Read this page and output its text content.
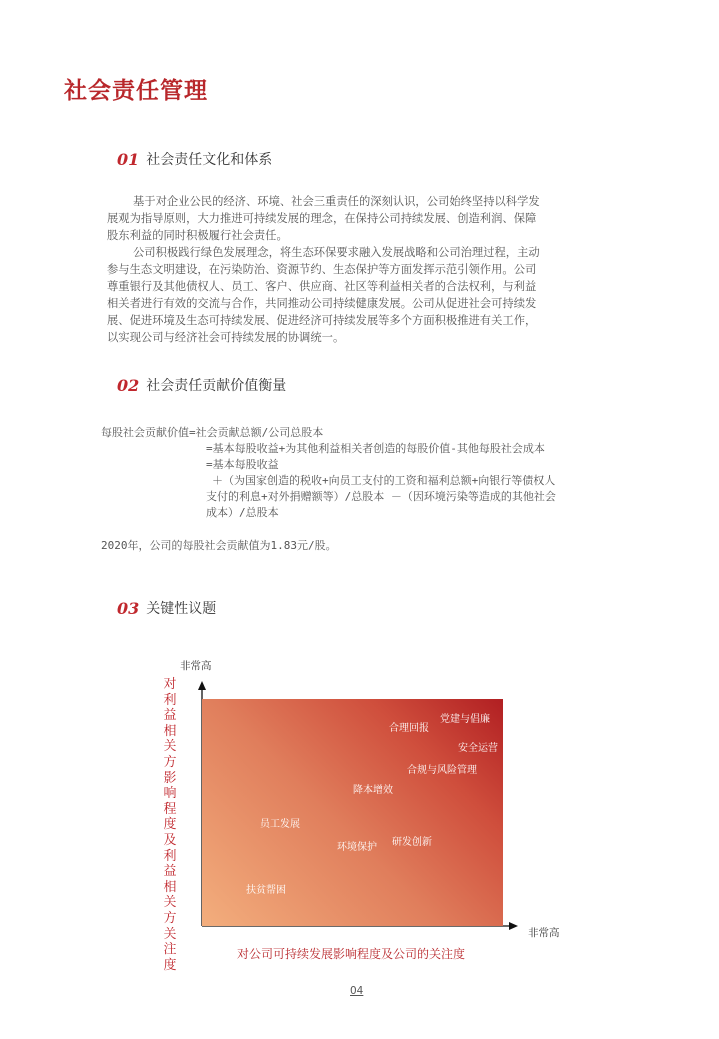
社会责任管理
01 社会责任文化和体系
基于对企业公民的经济、环境、社会三重责任的深刻认识，公司始终坚持以科学发
展观为指导原则，大力推进可持续发展的理念，在保持公司持续发展、创造利润、保障
股东利益的同时积极履行社会责任。
公司积极践行绿色发展理念，将生态环保要求融入发展战略和公司治理过程，主动
参与生态文明建设，在污染防治、资源节约、生态保护等方面发挥示范引领作用。公司
尊重银行及其他债权人、员工、客户、供应商、社区等利益相关者的合法权利，与利益
相关者进行有效的交流与合作，共同推动公司持续健康发展。公司从促进社会可持续发
展、促进环境及生态可持续发展、促进经济可持续发展等多个方面积极推进有关工作，
以实现公司与经济社会可持续发展的协调统一。
02 社会责任贡献价值衡量
每股社会贡献价值=社会贡献总额/公司总股本
=基本每股收益+为其他利益相关者创造的每股价值-其他每股社会成本
=基本每股收益
＋（为国家创造的税收+向员工支付的工资和福利总额+向银行等债权人
支付的利息+对外捐赠额等）/总股本 －（因环境污染等造成的其他社会
成本）/总股本
2020年，公司的每股社会贡献值为1.83元/股。
03 关键性议题
非常高
对利益相关方影响程度及利益相关方关注度
党建与倡廉
合理回报
安全运营
合规与风险管理
降本增效
员工发展
研发创新
环境保护
扶贫帮困
非常高
对公司可持续发展影响程度及公司的关注度
04
